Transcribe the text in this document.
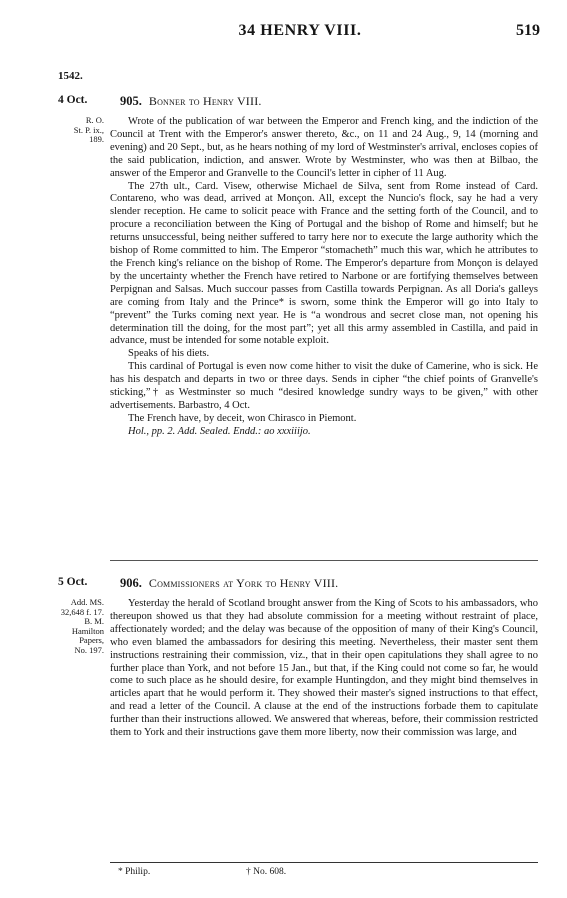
34 HENRY VIII.	519
1542.
4 Oct.
R. O.
St. P. ix.,
189.
905. Bonner to Henry VIII.

Wrote of the publication of war between the Emperor and French king, and the indiction of the Council at Trent with the Emperor's answer thereto, &c., on 11 and 24 Aug., 9, 14 (morning and evening) and 20 Sept., but, as he hears nothing of my lord of Westminster's arrival, encloses copies of the said publication, indiction, and answer. Wrote by Westminster, who was then at Bilbao, the answer of the Emperor and Granvelle to the Council's letter in cipher of 11 Aug.

The 27th ult., Card. Visew, otherwise Michael de Silva, sent from Rome instead of Card. Contareno, who was dead, arrived at Monçon. All, except the Nuncio's flock, say he had a very slender reception. He came to solicit peace with France and the setting forth of the Council, and to procure a reconciliation between the King of Portugal and the bishop of Rome and himself; but he returns unsuccessful, being neither suffered to tarry here nor to execute the large authority which the bishop of Rome committed to him. The Emperor “stomacheth” much this war, which he attributes to the French king's reliance on the bishop of Rome. The Emperor's departure from Monçon is delayed by the uncertainty whether the French have retired to Narbone or are fortifying themselves between Perpignan and Salsas. Much succour passes from Castilla towards Perpignan. As all Doria's galleys are coming from Italy and the Prince* is sworn, some think the Emperor will go into Italy to “prevent” the Turks coming next year. He is “a wondrous and secret close man, not opening his determination till the doing, for the most part”; yet all this army assembled in Castilla, and paid in advance, must be intended for some notable exploit.

Speaks of his diets.

This cardinal of Portugal is even now come hither to visit the duke of Camerine, who is sick. He has his despatch and departs in two or three days. Sends in cipher “the chief points of Granvelle's sticking,”† as Westminster so much “desired knowledge sundry ways to be given,” with other advertisements. Barbastro, 4 Oct.

The French have, by deceit, won Chirasco in Piemont.

Hol., pp. 2. Add. Sealed. Endd.: ao xxxiiijo.

5 Oct.
Add. MS.
32,648 f. 17.
B. M.
Hamilton
Papers,
No. 197.
906. Commissioners at York to Henry VIII.

Yesterday the herald of Scotland brought answer from the King of Scots to his ambassadors, who thereupon showed us that they had absolute commission for a meeting without restraint of place, affectionately worded; and the delay was because of the opposition of many of their King's Council, who even blamed the ambassadors for desiring this meeting. Nevertheless, their master sent them instructions restraining their commission, viz., that in their open capitulations they shall agree to no further place than York, and not before 15 Jan., but that, if the King could not come so far, he would come to such place as he should desire, for example Huntingdon, and they might bind themselves in articles apart that he would perform it. They showed their master's signed instructions to that effect, and read a letter of the Council. A clause at the end of the instructions forbade them to capitulate further than their instructions allowed. We answered that whereas, before, their commission restricted them to York and their instructions gave them more liberty, now their commission was large, and

* Philip.	† No. 608.
